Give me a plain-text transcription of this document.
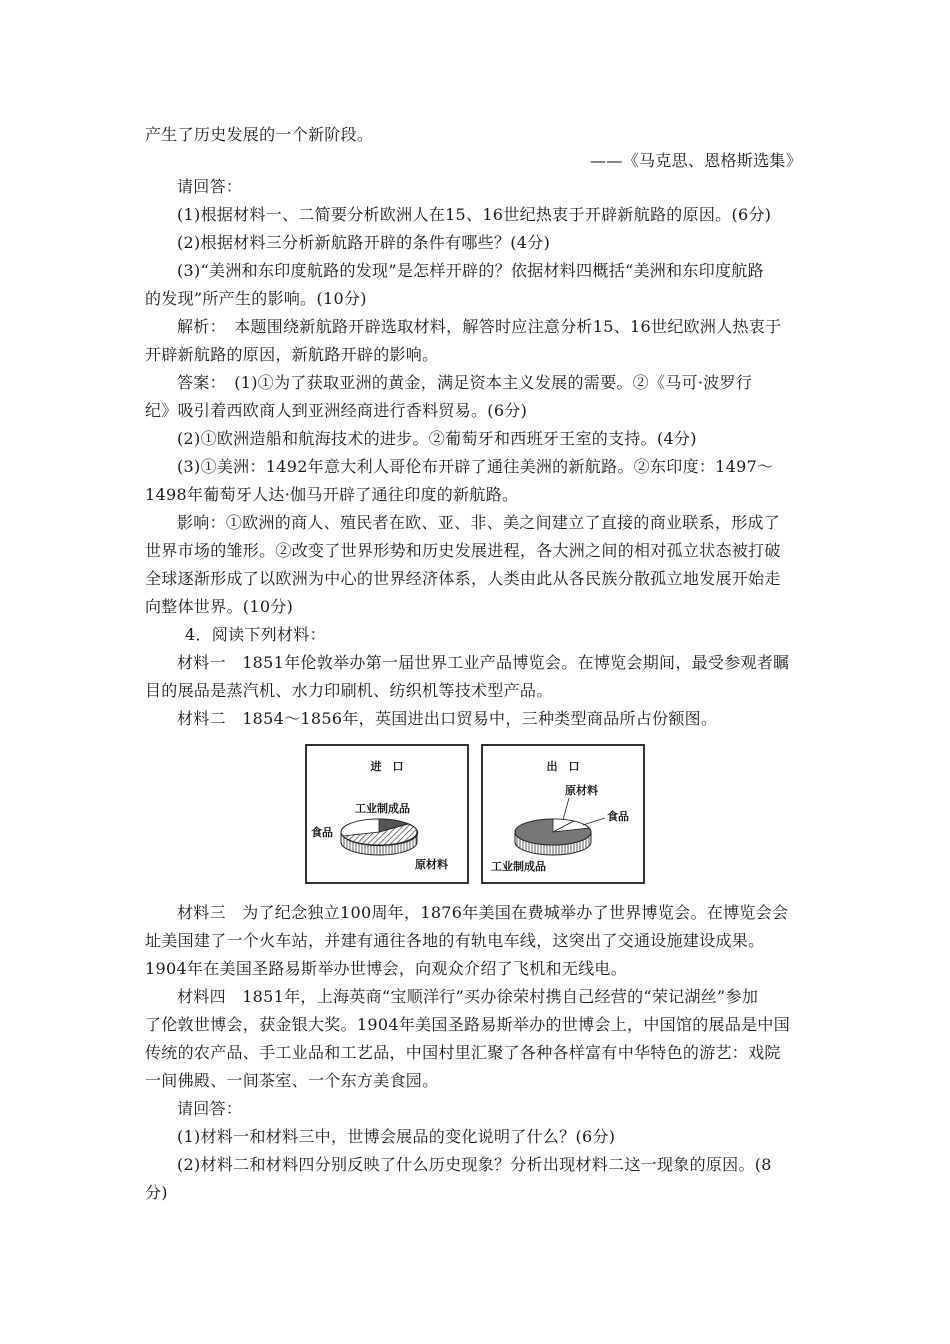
产生了历史发展的一个新阶段。
——《马克思、恩格斯选集》
请回答：
(1)根据材料一、二简要分析欧洲人在15、16世纪热衷于开辟新航路的原因。(6分)
(2)根据材料三分析新航路开辟的条件有哪些？(4分)
(3)“美洲和东印度航路的发现”是怎样开辟的？依据材料四概括“美洲和东印度航路
的发现”所产生的影响。(10分)
解析：　本题围绕新航路开辟选取材料，解答时应注意分析15、16世纪欧洲人热衷于
开辟新航路的原因，新航路开辟的影响。
答案：　(1)①为了获取亚洲的黄金，满足资本主义发展的需要。②《马可·波罗行
纪》吸引着西欧商人到亚洲经商进行香料贸易。(6分)
(2)①欧洲造船和航海技术的进步。②葡萄牙和西班牙王室的支持。(4分)
(3)①美洲：1492年意大利人哥伦布开辟了通往美洲的新航路。②东印度：1497～
1498年葡萄牙人达·伽马开辟了通往印度的新航路。
影响：①欧洲的商人、殖民者在欧、亚、非、美之间建立了直接的商业联系，形成了
世界市场的雏形。②改变了世界形势和历史发展进程，各大洲之间的相对孤立状态被打破
全球逐渐形成了以欧洲为中心的世界经济体系，人类由此从各民族分散孤立地发展开始走
向整体世界。(10分)
4．阅读下列材料：
材料一　1851年伦敦举办第一届世界工业产品博览会。在博览会期间，最受参观者瞩
目的展品是蒸汽机、水力印刷机、纺织机等技术型产品。
材料二　1854～1856年，英国进出口贸易中，三种类型商品所占份额图。
进　口
工业制成品
原材料
食品
出　口
原材料
食品
工业制成品
材料三　为了纪念独立100周年，1876年美国在费城举办了世界博览会。在博览会会
址美国建了一个火车站，并建有通往各地的有轨电车线，这突出了交通设施建设成果。
1904年在美国圣路易斯举办世博会，向观众介绍了飞机和无线电。
材料四　1851年，上海英商“宝顺洋行”买办徐荣村携自己经营的“荣记湖丝”参加
了伦敦世博会，获金银大奖。1904年美国圣路易斯举办的世博会上，中国馆的展品是中国
传统的农产品、手工业品和工艺品，中国村里汇聚了各种各样富有中华特色的游艺：戏院
一间佛殿、一间茶室、一个东方美食园。
请回答：
(1)材料一和材料三中，世博会展品的变化说明了什么？(6分)
(2)材料二和材料四分别反映了什么历史现象？分析出现材料二这一现象的原因。(8
分)
